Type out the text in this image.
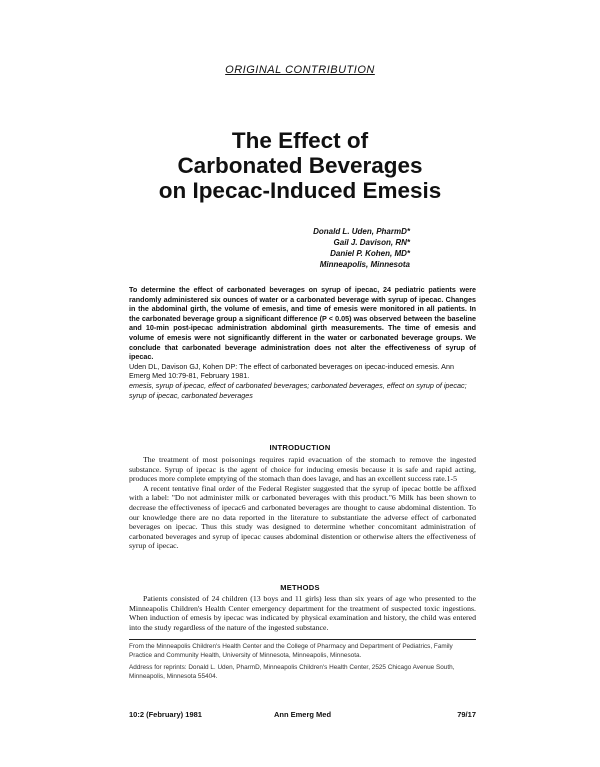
ORIGINAL CONTRIBUTION
The Effect of
Carbonated Beverages
on Ipecac-Induced Emesis
Donald L. Uden, PharmD*
Gail J. Davison, RN*
Daniel P. Kohen, MD*
Minneapolis, Minnesota
To determine the effect of carbonated beverages on syrup of ipecac, 24 pediatric patients were randomly administered six ounces of water or a carbonated beverage with syrup of ipecac. Changes in the abdominal girth, the volume of emesis, and time of emesis were monitored in all patients. In the carbonated beverage group a significant difference (P < 0.05) was observed between the baseline and 10-min post-ipecac administration abdominal girth measurements. The time of emesis and volume of emesis were not significantly different in the water or carbonated beverage groups. We conclude that carbonated beverage administration does not alter the effectiveness of syrup of ipecac.
Uden DL, Davison GJ, Kohen DP: The effect of carbonated beverages on ipecac-induced emesis. Ann Emerg Med 10:79-81, February 1981.
emesis, syrup of ipecac, effect of carbonated beverages; carbonated beverages, effect on syrup of ipecac; syrup of ipecac, carbonated beverages
INTRODUCTION

The treatment of most poisonings requires rapid evacuation of the stomach to remove the ingested substance. Syrup of ipecac is the agent of choice for inducing emesis because it is safe and rapid acting, produces more complete emptying of the stomach than does lavage, and has an excellent success rate.1-5

A recent tentative final order of the Federal Register suggested that the syrup of ipecac bottle be affixed with a label: "Do not administer milk or carbonated beverages with this product."6 Milk has been shown to decrease the effectiveness of ipecac6 and carbonated beverages are thought to cause abdominal distention. To our knowledge there are no data reported in the literature to substantiate the adverse effect of carbonated beverages on ipecac. Thus this study was designed to determine whether concomitant administration of carbonated beverages and syrup of ipecac causes abdominal distention or otherwise alters the effectiveness of syrup of ipecac.

METHODS

Patients consisted of 24 children (13 boys and 11 girls) less than six years of age who presented to the Minneapolis Children's Health Center emergency department for the treatment of suspected toxic ingestions. When induction of emesis by ipecac was indicated by physical examination and history, the child was entered into the study regardless of the nature of the ingested substance.

From the Minneapolis Children's Health Center and the College of Pharmacy and Department of Pediatrics, Family Practice and Community Health, University of Minnesota, Minneapolis, Minnesota.

Address for reprints: Donald L. Uden, PharmD, Minneapolis Children's Health Center, 2525 Chicago Avenue South, Minneapolis, Minnesota 55404.

10:2 (February) 1981	Ann Emerg Med	79/17
